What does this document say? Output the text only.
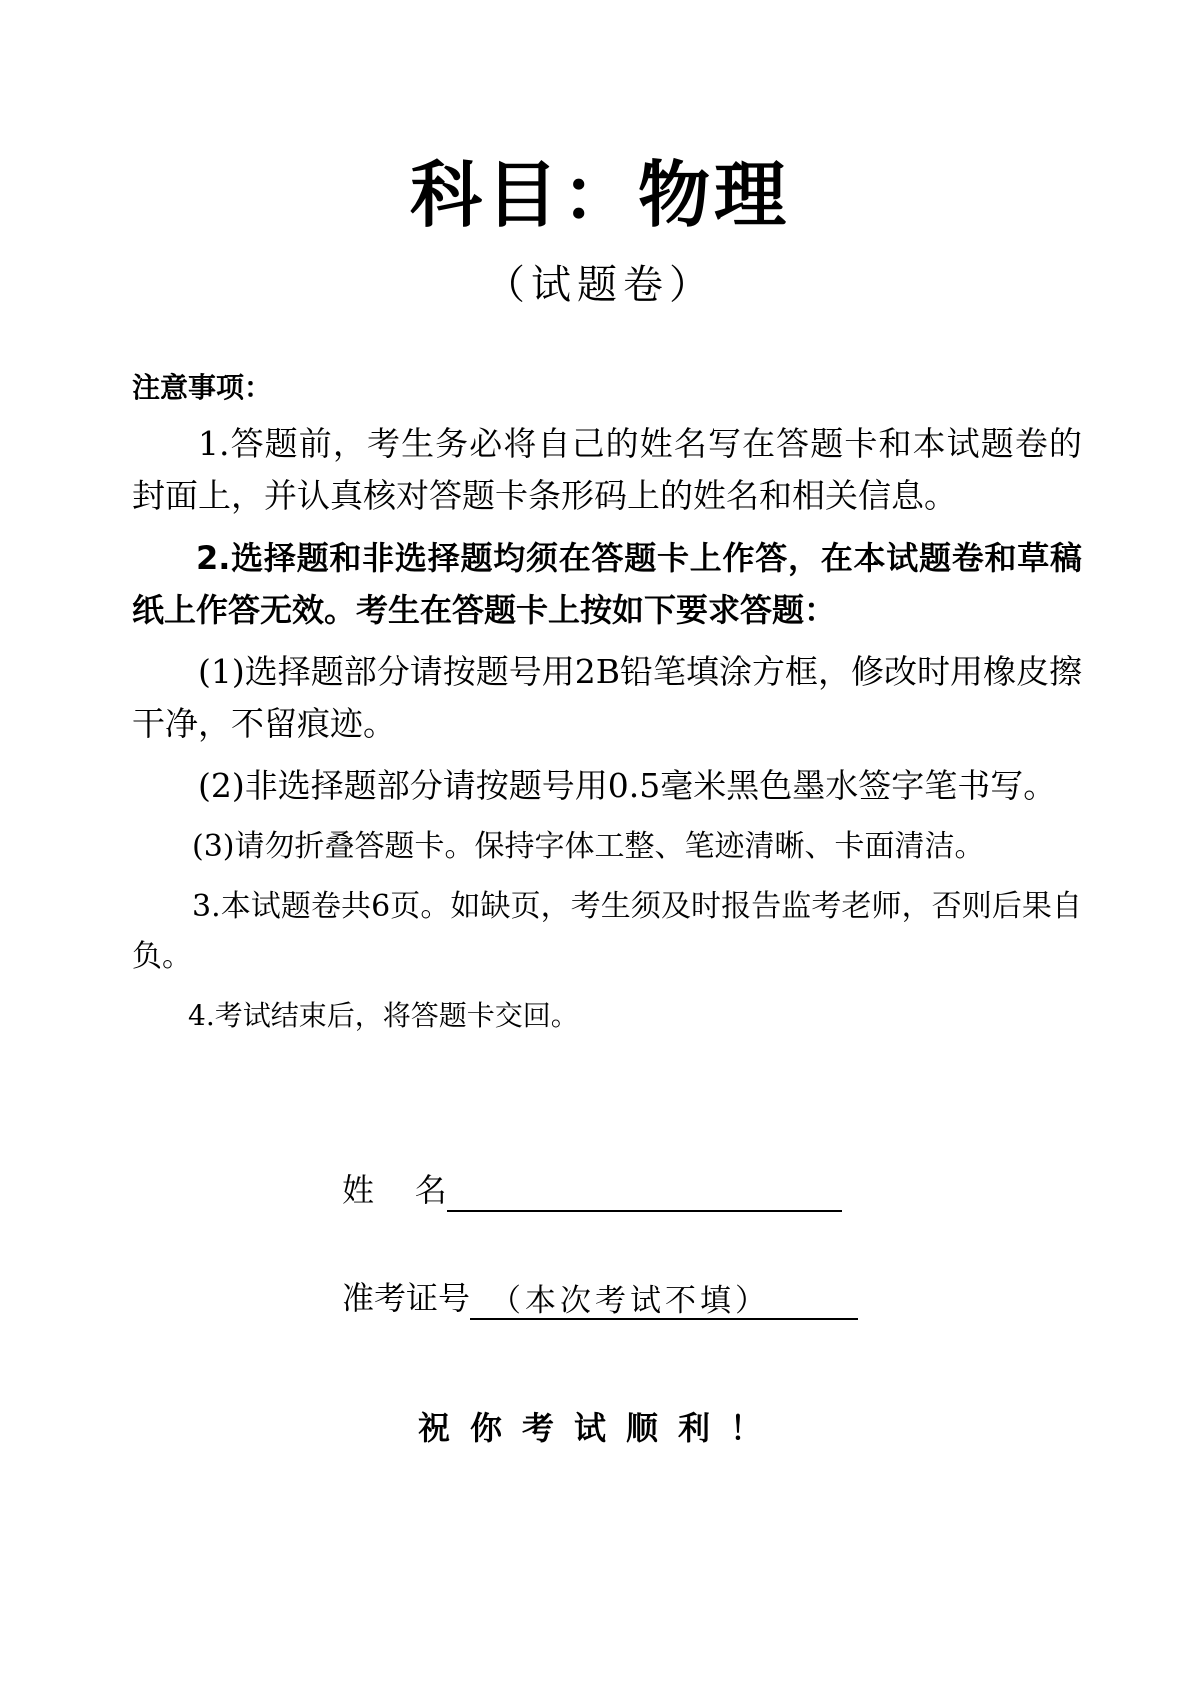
科目：物理
（试题卷）
注意事项：

1.答题前，考生务必将自己的姓名写在答题卡和本试题卷的封面上，并认真核对答题卡条形码上的姓名和相关信息。

2.选择题和非选择题均须在答题卡上作答，在本试题卷和草稿纸上作答无效。考生在答题卡上按如下要求答题：

(1)选择题部分请按题号用2B铅笔填涂方框，修改时用橡皮擦干净，不留痕迹。

(2)非选择题部分请按题号用0.5毫米黑色墨水签字笔书写。

(3)请勿折叠答题卡。保持字体工整、笔迹清晰、卡面清洁。

3.本试题卷共6页。如缺页，考生须及时报告监考老师，否则后果自负。

4.考试结束后，将答题卡交回。

姓    名
准考证号 （本次考试不填）
祝你考试顺利！
